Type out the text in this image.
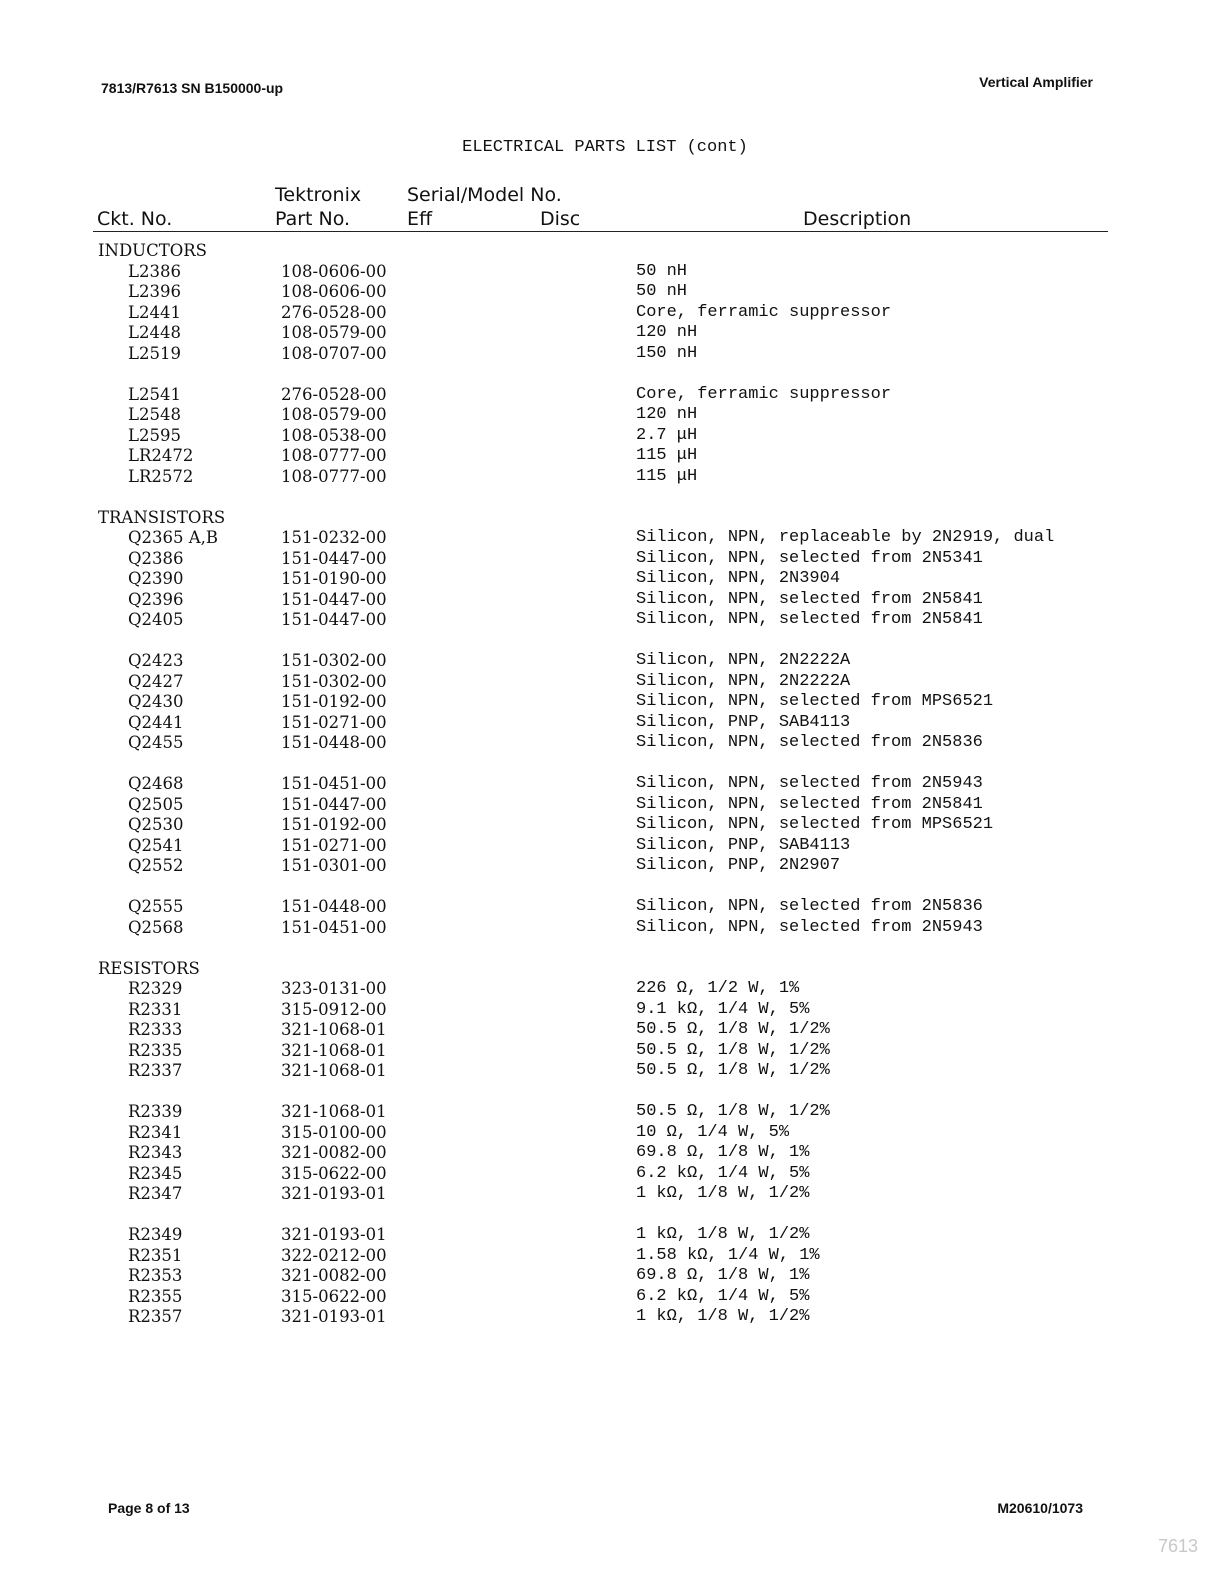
7813/R7613 SN B150000-up	Vertical Amplifier
ELECTRICAL PARTS LIST (cont)
Ckt. No.
Tektronix
Part No.
Serial/Model No.
Eff	Disc	Description
INDUCTORS
L2386	108-0606-00	50 nH
L2396	108-0606-00	50 nH
L2441	276-0528-00	Core, ferramic suppressor
L2448	108-0579-00	120 nH
L2519	108-0707-00	150 nH
L2541	276-0528-00	Core, ferramic suppressor
L2548	108-0579-00	120 nH
L2595	108-0538-00	2.7 μH
LR2472	108-0777-00	115 μH
LR2572	108-0777-00	115 μH
TRANSISTORS
Q2365 A,B	151-0232-00	Silicon, NPN, replaceable by 2N2919, dual
Q2386	151-0447-00	Silicon, NPN, selected from 2N5341
Q2390	151-0190-00	Silicon, NPN, 2N3904
Q2396	151-0447-00	Silicon, NPN, selected from 2N5841
Q2405	151-0447-00	Silicon, NPN, selected from 2N5841
Q2423	151-0302-00	Silicon, NPN, 2N2222A
Q2427	151-0302-00	Silicon, NPN, 2N2222A
Q2430	151-0192-00	Silicon, NPN, selected from MPS6521
Q2441	151-0271-00	Silicon, PNP, SAB4113
Q2455	151-0448-00	Silicon, NPN, selected from 2N5836
Q2468	151-0451-00	Silicon, NPN, selected from 2N5943
Q2505	151-0447-00	Silicon, NPN, selected from 2N5841
Q2530	151-0192-00	Silicon, NPN, selected from MPS6521
Q2541	151-0271-00	Silicon, PNP, SAB4113
Q2552	151-0301-00	Silicon, PNP, 2N2907
Q2555	151-0448-00	Silicon, NPN, selected from 2N5836
Q2568	151-0451-00	Silicon, NPN, selected from 2N5943
RESISTORS
R2329	323-0131-00	226 Ω, 1/2 W, 1%
R2331	315-0912-00	9.1 kΩ, 1/4 W, 5%
R2333	321-1068-01	50.5 Ω, 1/8 W, 1/2%
R2335	321-1068-01	50.5 Ω, 1/8 W, 1/2%
R2337	321-1068-01	50.5 Ω, 1/8 W, 1/2%
R2339	321-1068-01	50.5 Ω, 1/8 W, 1/2%
R2341	315-0100-00	10 Ω, 1/4 W, 5%
R2343	321-0082-00	69.8 Ω, 1/8 W, 1%
R2345	315-0622-00	6.2 kΩ, 1/4 W, 5%
R2347	321-0193-01	1 kΩ, 1/8 W, 1/2%
R2349	321-0193-01	1 kΩ, 1/8 W, 1/2%
R2351	322-0212-00	1.58 kΩ, 1/4 W, 1%
R2353	321-0082-00	69.8 Ω, 1/8 W, 1%
R2355	315-0622-00	6.2 kΩ, 1/4 W, 5%
R2357	321-0193-01	1 kΩ, 1/8 W, 1/2%
Page 8 of 13	M20610/1073
7613
